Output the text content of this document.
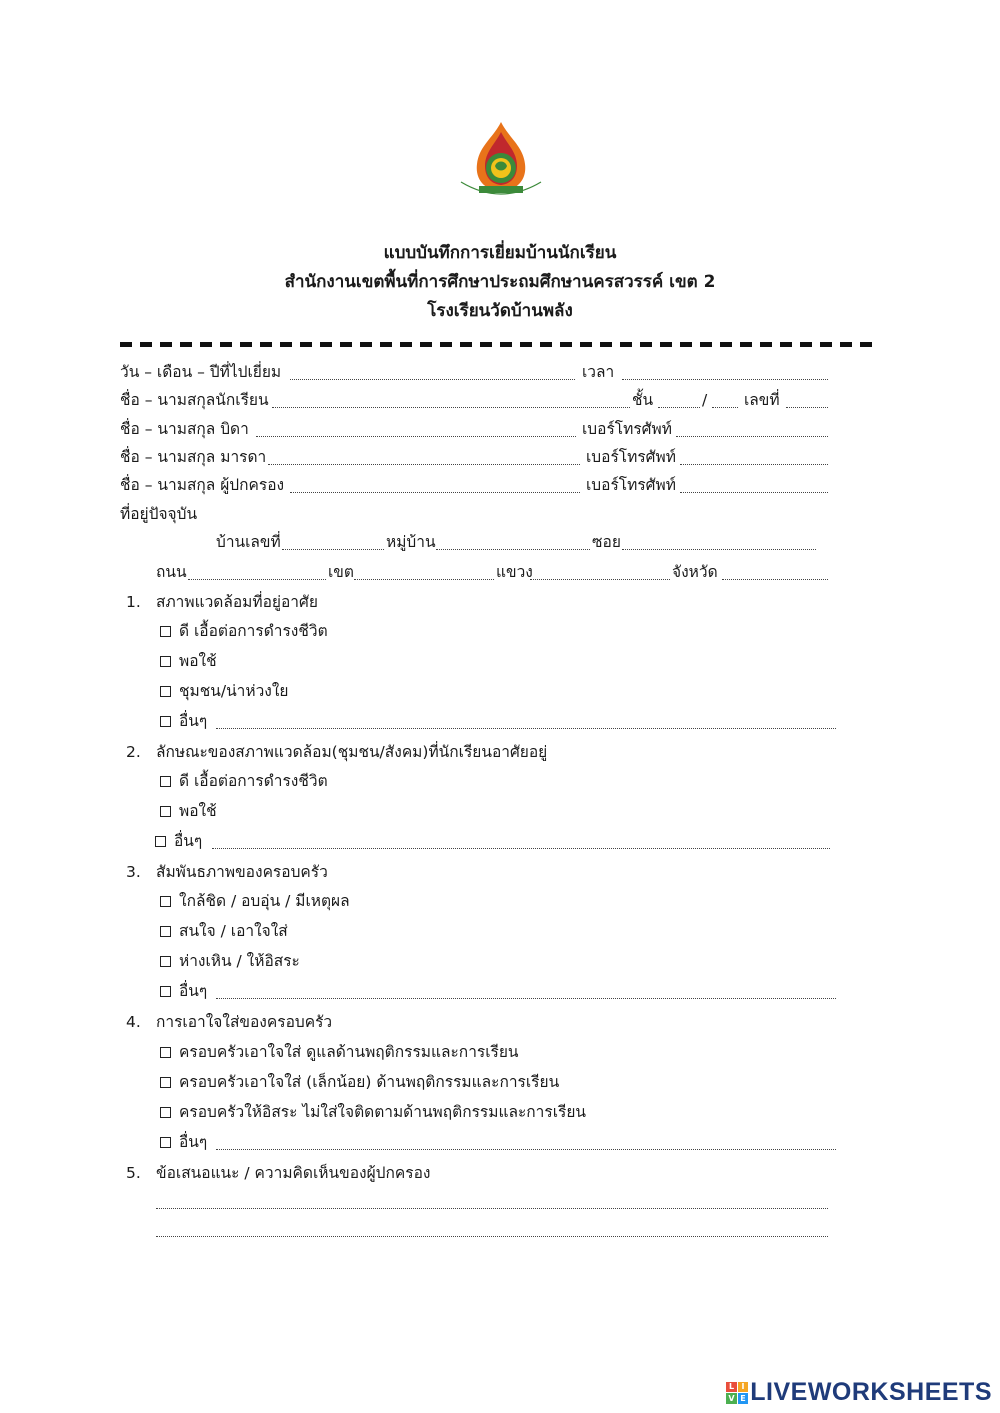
แบบบันทึกการเยี่ยมบ้านนักเรียน
สำนักงานเขตพื้นที่การศึกษาประถมศึกษานครสวรรค์ เขต 2
โรงเรียนวัดบ้านพลัง
วัน – เดือน – ปีที่ไปเยี่ยม	เวลา
ชื่อ – นามสกุลนักเรียน	ชั้น	/ เลขที่
ชื่อ – นามสกุล บิดา	เบอร์โทรศัพท์
ชื่อ – นามสกุล มารดา	เบอร์โทรศัพท์
ชื่อ – นามสกุล ผู้ปกครอง	เบอร์โทรศัพท์
ที่อยู่ปัจจุบัน
บ้านเลขที่	หมู่บ้าน	ซอย
ถนน	เขต	แขวง	จังหวัด
1. สภาพแวดล้อมที่อยู่อาศัย
ดี เอื้อต่อการดำรงชีวิต
พอใช้
ชุมชน/น่าห่วงใย
อื่นๆ
2. ลักษณะของสภาพแวดล้อม(ชุมชน/สังคม)ที่นักเรียนอาศัยอยู่
ดี เอื้อต่อการดำรงชีวิต
พอใช้
อื่นๆ
3. สัมพันธภาพของครอบครัว
ใกล้ชิด / อบอุ่น / มีเหตุผล
สนใจ / เอาใจใส่
ห่างเหิน / ให้อิสระ
อื่นๆ
4. การเอาใจใส่ของครอบครัว
ครอบครัวเอาใจใส่ ดูแลด้านพฤติกรรมและการเรียน
ครอบครัวเอาใจใส่ (เล็กน้อย) ด้านพฤติกรรมและการเรียน
ครอบครัวให้อิสระ ไม่ใส่ใจติดตามด้านพฤติกรรมและการเรียน
อื่นๆ
5. ข้อเสนอแนะ / ความคิดเห็นของผู้ปกครอง
L I
V E LIVEWORKSHEETS
